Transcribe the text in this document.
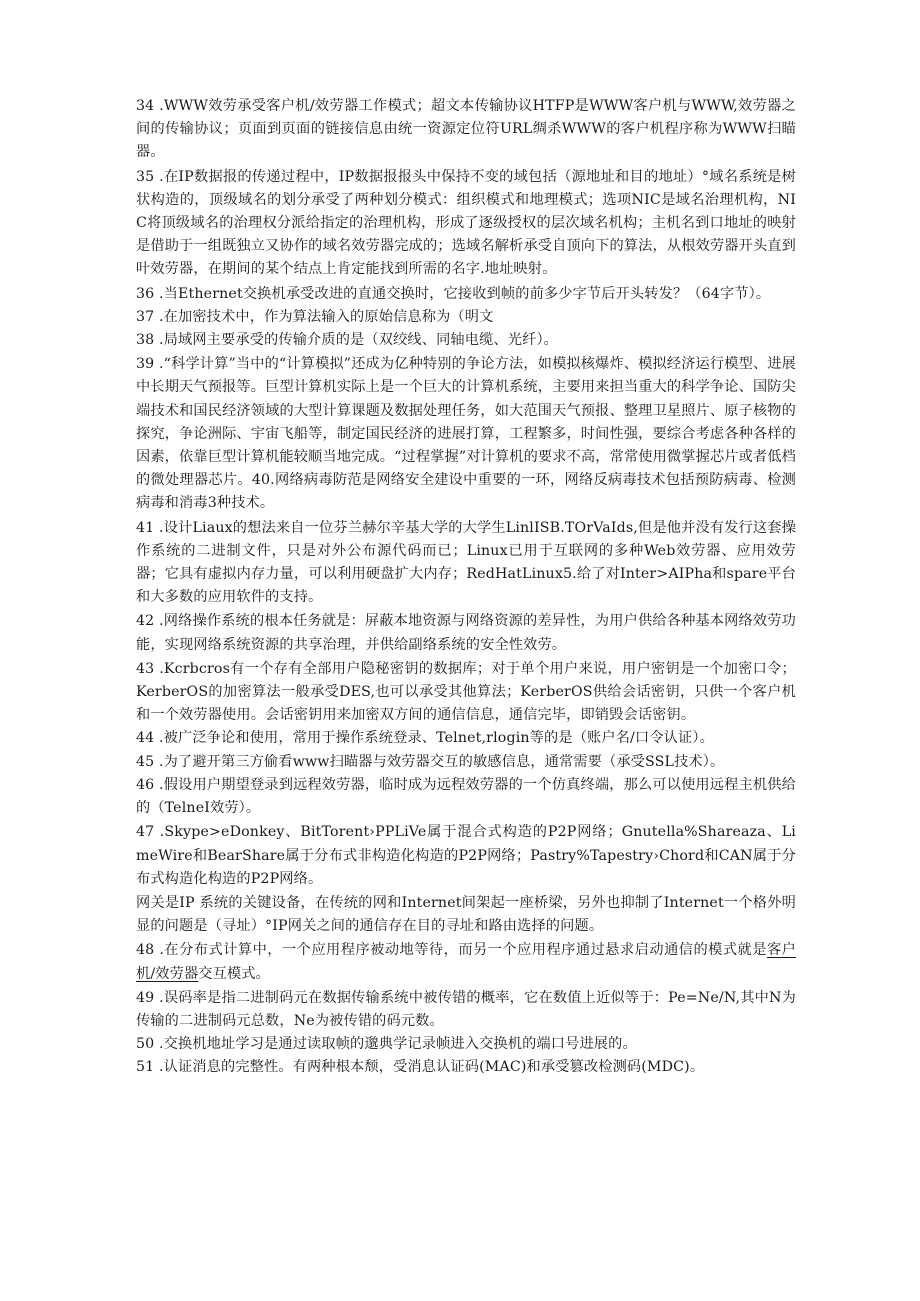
34 .WWW效劳承受客户机/效劳器工作模式；超文本传输协议HTFP是WWW客户机与WWW,效劳器之间的传输协议；页面到页面的链接信息由统一资源定位符URL绸杀WWW的客户机程序称为WWW扫瞄器。

35 .在IP数据报的传递过程中，IP数据报报头中保持不变的域包括（源地址和目的地址）°域名系统是树状构造的，顶级域名的划分承受了两种划分模式：组织模式和地理模式；选项NIC是域名治理机构，NIC将顶级域名的治理权分派给指定的治理机构，形成了逐级授权的层次域名机构；主机名到口地址的映射是借助于一组既独立又协作的域名效劳器完成的；选域名解析承受自顶向下的算法，从根效劳器开头直到叶效劳器，在期间的某个结点上肯定能找到所需的名字.地址映射。

36 .当Ethernet交换机承受改进的直通交换时，它接收到帧的前多少字节后开头转发？（64字节）。

37 .在加密技术中，作为算法输入的原始信息称为（明文

38 .局域网主要承受的传输介质的是（双绞线、同轴电缆、光纤）。

39 .“科学计算”当中的“计算模拟”还成为亿种特别的争论方法，如模拟核爆炸、模拟经济运行模型、进展中长期天气预报等。巨型计算机实际上是一个巨大的计算机系统，主要用来担当重大的科学争论、国防尖端技术和国民经济领域的大型计算课题及数据处理任务，如大范围天气预报、整理卫星照片、原子核物的探究，争论洲际、宇宙飞船等，制定国民经济的进展打算，工程繁多，时间性强，要综合考虑各种各样的因素，依靠巨型计算机能较顺当地完成。“过程掌握”对计算机的要求不高，常常使用微掌握芯片或者低档的微处理器芯片。40.网络病毒防范是网络安全建设中重要的一环，网络反病毒技术包括预防病毒、检测病毒和消毒3种技术。

41 .设计Liaux的想法来自一位芬兰赫尔辛基大学的大学生LinlISB.TOrVaIds,但是他并没有发行这套操作系统的二进制文件，只是对外公布源代码而已；Linux已用于互联网的多种Web效劳器、应用效劳器；它具有虚拟内存力量，可以利用硬盘扩大内存；RedHatLinux5.给了对Inter>AIPha和spare平台和大多数的应用软件的支持。

42 .网络操作系统的根本任务就是：屏蔽本地资源与网络资源的差异性，为用户供给各种基本网络效劳功能，实现网络系统资源的共享治理，并供给副络系统的安全性效劳。

43 .Kcrbcros有一个存有全部用户隐秘密钥的数据库；对于单个用户来说，用户密钥是一个加密口令；KerberOS的加密算法一般承受DES,也可以承受其他算法；KerberOS供给会话密钥，只供一个客户机和一个效劳器使用。会话密钥用来加密双方间的通信信息，通信完毕，即销毁会话密钥。

44 .被广泛争论和使用，常用于操作系统登录、Telnet,rlogin等的是（账户名/口令认证）。

45 .为了避开第三方偷看www扫瞄器与效劳器交互的敏感信息，通常需要（承受SSL技术）。

46 .假设用户期望登录到远程效劳器，临时成为远程效劳器的一个仿真终端，那么可以使用远程主机供给的（TelneI效劳）。

47 .Skype>eDonkey、BitTorent›PPLiVe属于混合式构造的P2P网络；Gnutella%Shareaza、LimeWire和BearShare属于分布式非构造化构造的P2P网络；Pastry%Tapestry›Chord和CAN属于分布式构造化构造的P2P网络。

网关是IP 系统的关键设备，在传统的网和Internet间架起一座桥梁，另外也抑制了Internet一个格外明显的问题是（寻址）°IP网关之间的通信存在目的寻址和路由选择的问题。

48 .在分布式计算中，一个应用程序被动地等待，而另一个应用程序通过悬求启动通信的模式就是客户机/效劳器交互模式。

49 .误码率是指二进制码元在数据传输系统中被传错的概率，它在数值上近似等于：Pe=Ne/N,其中N为传输的二进制码元总数，Ne为被传错的码元数。

50 .交换机地址学习是通过读取帧的邈典学记录帧进入交换机的端口号进展的。

51 .认证消息的完整性。有两种根本颓，受消息认证码(MAC)和承受篡改检测码(MDC)。
